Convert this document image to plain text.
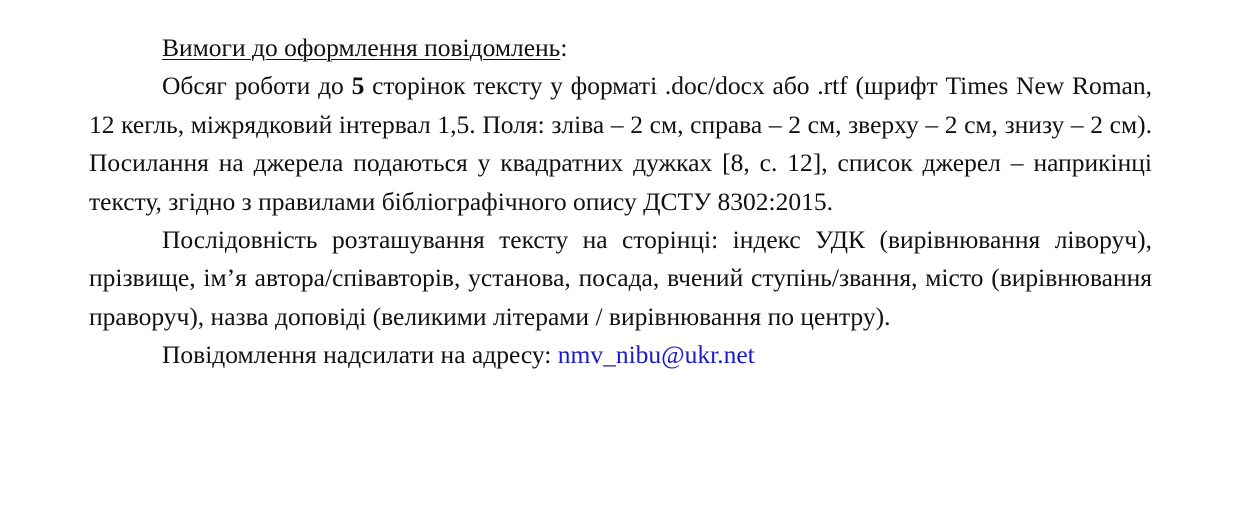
Вимоги до оформлення повідомлень:

Обсяг роботи до 5 сторінок тексту у форматі .doc/docx або .rtf (шрифт Times New Roman, 12 кегль, міжрядковий інтервал 1,5. Поля: зліва – 2 см, справа – 2 см, зверху – 2 см, знизу – 2 см). Посилання на джерела подаються у квадратних дужках [8, с. 12], список джерел – наприкінці тексту, згідно з правилами бібліографічного опису ДСТУ 8302:2015.

Послідовність розташування тексту на сторінці: індекс УДК (вирівнювання ліворуч), прізвище, ім’я автора/співавторів, установа, посада, вчений ступінь/звання, місто (вирівнювання праворуч), назва доповіді (великими літерами / вирівнювання по центру).

Повідомлення надсилати на адресу: nmv_nibu@ukr.net
